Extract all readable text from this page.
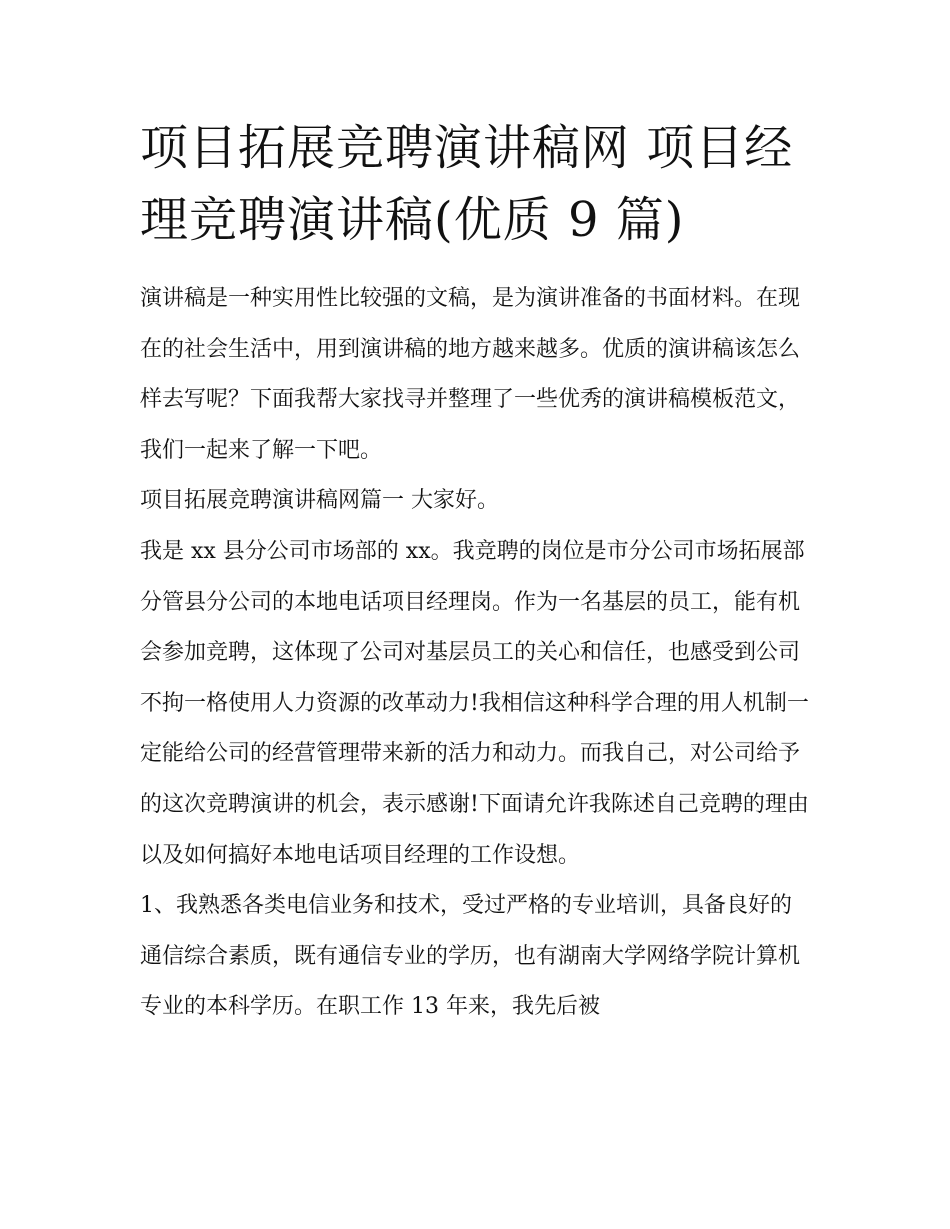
项目拓展竞聘演讲稿网 项目经理竞聘演讲稿(优质 9 篇)

演讲稿是一种实用性比较强的文稿，是为演讲准备的书面材料。在现在的社会生活中，用到演讲稿的地方越来越多。优质的演讲稿该怎么样去写呢？下面我帮大家找寻并整理了一些优秀的演讲稿模板范文，我们一起来了解一下吧。

项目拓展竞聘演讲稿网篇一 大家好。

我是 xx 县分公司市场部的 xx。我竞聘的岗位是市分公司市场拓展部分管县分公司的本地电话项目经理岗。作为一名基层的员工，能有机会参加竞聘，这体现了公司对基层员工的关心和信任，也感受到公司不拘一格使用人力资源的改革动力!我相信这种科学合理的用人机制一定能给公司的经营管理带来新的活力和动力。而我自己，对公司给予的这次竞聘演讲的机会，表示感谢!下面请允许我陈述自己竞聘的理由以及如何搞好本地电话项目经理的工作设想。

1、我熟悉各类电信业务和技术，受过严格的专业培训，具备良好的通信综合素质，既有通信专业的学历，也有湖南大学网络学院计算机专业的本科学历。在职工作 13 年来，我先后被
